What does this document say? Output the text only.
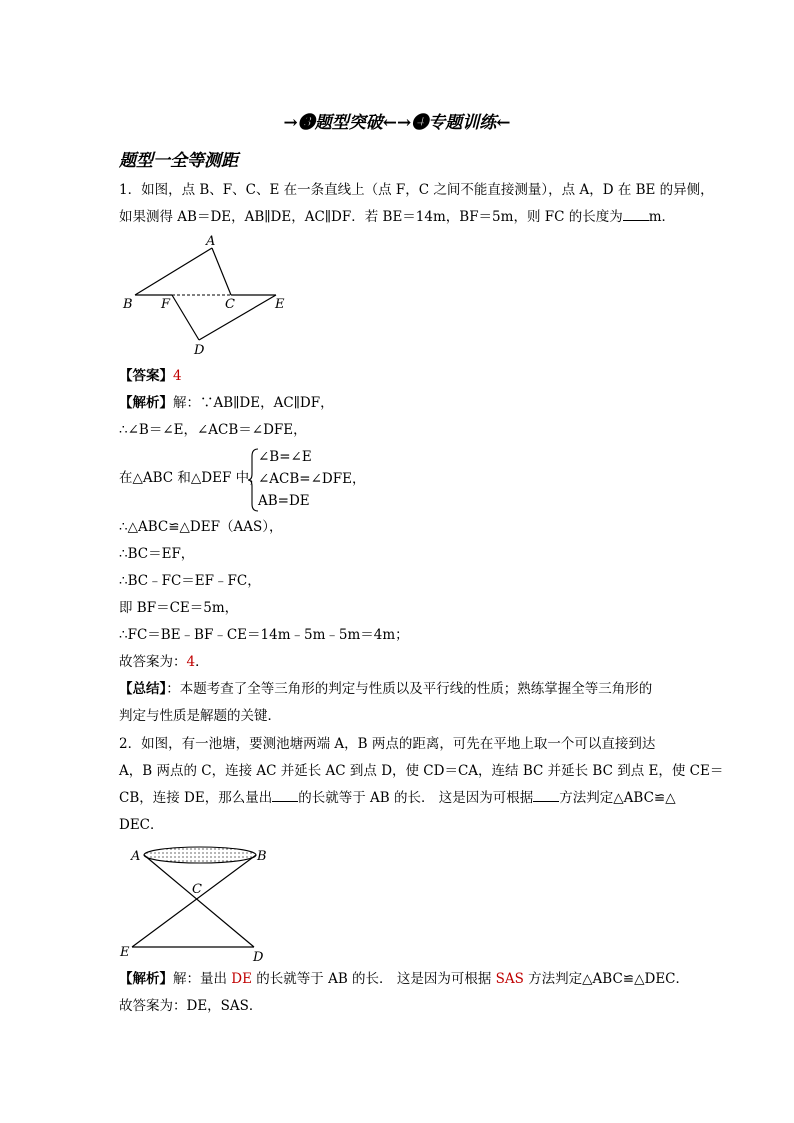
→❸题型突破←→❹专题训练←
题型一全等测距
1．如图，点 B、F、C、E 在一条直线上（点 F，C 之间不能直接测量），点 A，D 在 BE 的异侧，
如果测得 AB＝DE，AB∥DE，AC∥DF．若 BE＝14m，BF＝5m，则 FC 的长度为 m．
A
B F	C	E
D
【答案】4
【解析】解：∵AB∥DE，AC∥DF，
∴∠B＝∠E，∠ACB＝∠DFE，
在△ABC 和△DEF 中，
∠B=∠E
∠ACB=∠DFE，
AB=DE
∴△ABC≌△DEF（AAS），
∴BC＝EF，
∴BC﹣FC＝EF﹣FC，
即 BF＝CE＝5m，
∴FC＝BE﹣BF﹣CE＝14m﹣5m﹣5m＝4m；
故答案为：4．
【总结】：本题考查了全等三角形的判定与性质以及平行线的性质；熟练掌握全等三角形的
判定与性质是解题的关键．
2．如图，有一池塘，要测池塘两端 A，B 两点的距离，可先在平地上取一个可以直接到达
A，B 两点的 C，连接 AC 并延长 AC 到点 D，使 CD＝CA，连结 BC 并延长 BC 到点 E，使 CE＝
CB，连接 DE，那么量出 的长就等于 AB 的长． 这是因为可根据 方法判定△ABC≌△
DEC．
A	B
C
E	D
【解析】解：量出 DE 的长就等于 AB 的长． 这是因为可根据 SAS 方法判定△ABC≌△DEC．
故答案为：DE，SAS．
